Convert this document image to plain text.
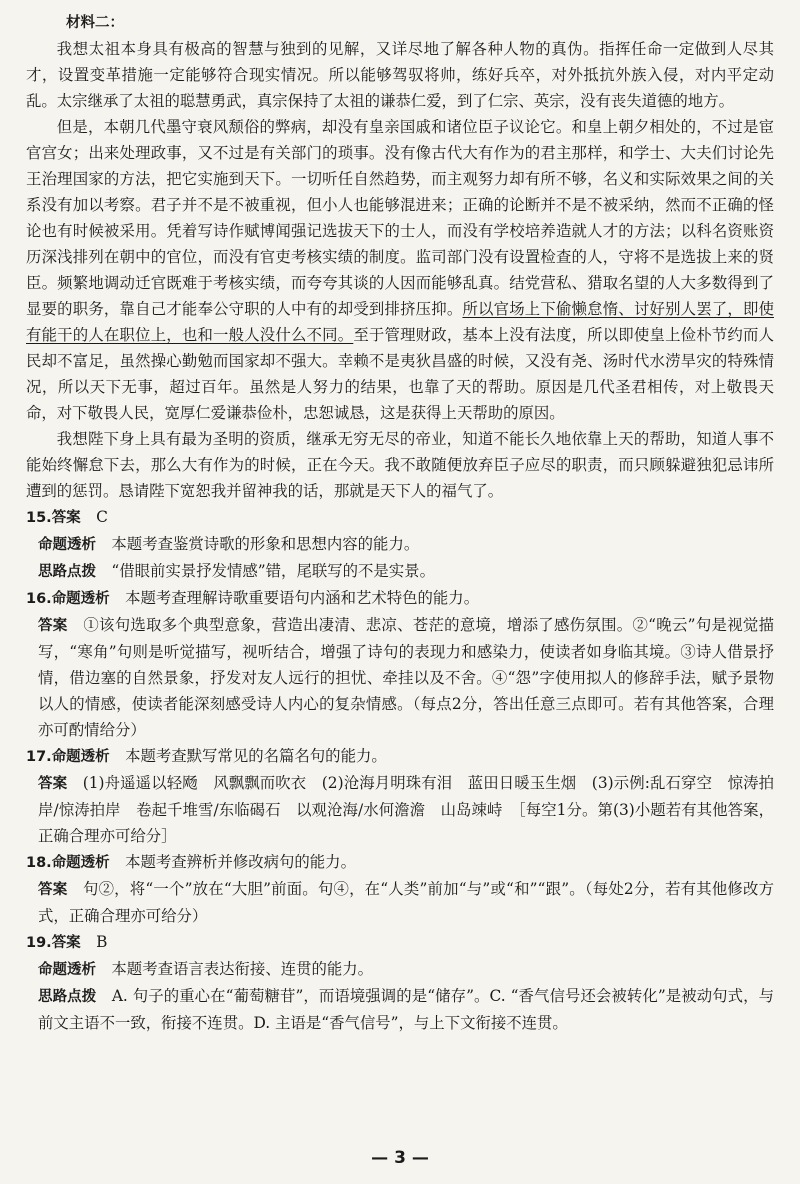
材料二：

我想太祖本身具有极高的智慧与独到的见解，又详尽地了解各种人物的真伪。指挥任命一定做到人尽其才，设置变革措施一定能够符合现实情况。所以能够驾驭将帅，练好兵卒，对外抵抗外族入侵，对内平定动乱。太宗继承了太祖的聪慧勇武，真宗保持了太祖的谦恭仁爱，到了仁宗、英宗，没有丧失道德的地方。

但是，本朝几代墨守衰风颓俗的弊病，却没有皇亲国戚和诸位臣子议论它。和皇上朝夕相处的，不过是宦官宫女；出来处理政事，又不过是有关部门的琐事。没有像古代大有作为的君主那样，和学士、大夫们讨论先王治理国家的方法，把它实施到天下。一切听任自然趋势，而主观努力却有所不够，名义和实际效果之间的关系没有加以考察。君子并不是不被重视，但小人也能够混进来；正确的论断并不是不被采纳，然而不正确的怪论也有时候被采用。凭着写诗作赋博闻强记选拔天下的士人，而没有学校培养造就人才的方法；以科名资账资历深浅排列在朝中的官位，而没有官吏考核实绩的制度。监司部门没有设置检查的人，守将不是选拔上来的贤臣。频繁地调动迁官既难于考核实绩，而夸夸其谈的人因而能够乱真。结党营私、猎取名望的人大多数得到了显要的职务，靠自己才能奉公守职的人中有的却受到排挤压抑。所以官场上下偷懒怠惰、讨好别人罢了，即使有能干的人在职位上，也和一般人没什么不同。至于管理财政，基本上没有法度，所以即使皇上俭朴节约而人民却不富足，虽然操心勤勉而国家却不强大。幸赖不是夷狄昌盛的时候，又没有尧、汤时代水涝旱灾的特殊情况，所以天下无事，超过百年。虽然是人努力的结果，也靠了天的帮助。原因是几代圣君相传，对上敬畏天命，对下敬畏人民，宽厚仁爱谦恭俭朴，忠恕诚恳，这是获得上天帮助的原因。

我想陛下身上具有最为圣明的资质，继承无穷无尽的帝业，知道不能长久地依靠上天的帮助，知道人事不能始终懈怠下去，那么大有作为的时候，正在今天。我不敢随便放弃臣子应尽的职责，而只顾躲避独犯忌讳所遭到的惩罚。恳请陛下宽恕我并留神我的话，那就是天下人的福气了。

15.答案　 C
命题透析　 本题考查鉴赏诗歌的形象和思想内容的能力。
思路点拨　 “借眼前实景抒发情感”错，尾联写的不是实景。
16.命题透析　 本题考查理解诗歌重要语句内涵和艺术特色的能力。
答案　 ①该句选取多个典型意象，营造出凄清、悲凉、苍茫的意境，增添了感伤氛围。②“晚云”句是视觉描写，“寒角”句则是听觉描写，视听结合，增强了诗句的表现力和感染力，使读者如身临其境。③诗人借景抒情，借边塞的自然景象，抒发对友人远行的担忧、牵挂以及不舍。④“怨”字使用拟人的修辞手法，赋予景物以人的情感，使读者能深刻感受诗人内心的复杂情感。（每点2分，答出任意三点即可。若有其他答案，合理亦可酌情给分）
17.命题透析　 本题考查默写常见的名篇名句的能力。
答案　 (1)舟遥遥以轻飏　风飘飘而吹衣　(2)沧海月明珠有泪　蓝田日暖玉生烟　(3)示例:乱石穿空　惊涛拍岸/惊涛拍岸　卷起千堆雪/东临碣石　以观沧海/水何澹澹　山岛竦峙　［每空1分。第(3)小题若有其他答案，正确合理亦可给分］
18.命题透析　 本题考查辨析并修改病句的能力。
答案　 句②，将“一个”放在“大胆”前面。句④，在“人类”前加“与”或“和”“跟”。（每处2分，若有其他修改方式，正确合理亦可给分）
19.答案　 B
命题透析　 本题考查语言表达衔接、连贯的能力。
思路点拨　 A. 句子的重心在“葡萄糖苷”，而语境强调的是“储存”。C. “香气信号还会被转化”是被动句式，与前文主语不一致，衔接不连贯。D. 主语是“香气信号”，与上下文衔接不连贯。
— 3 —
